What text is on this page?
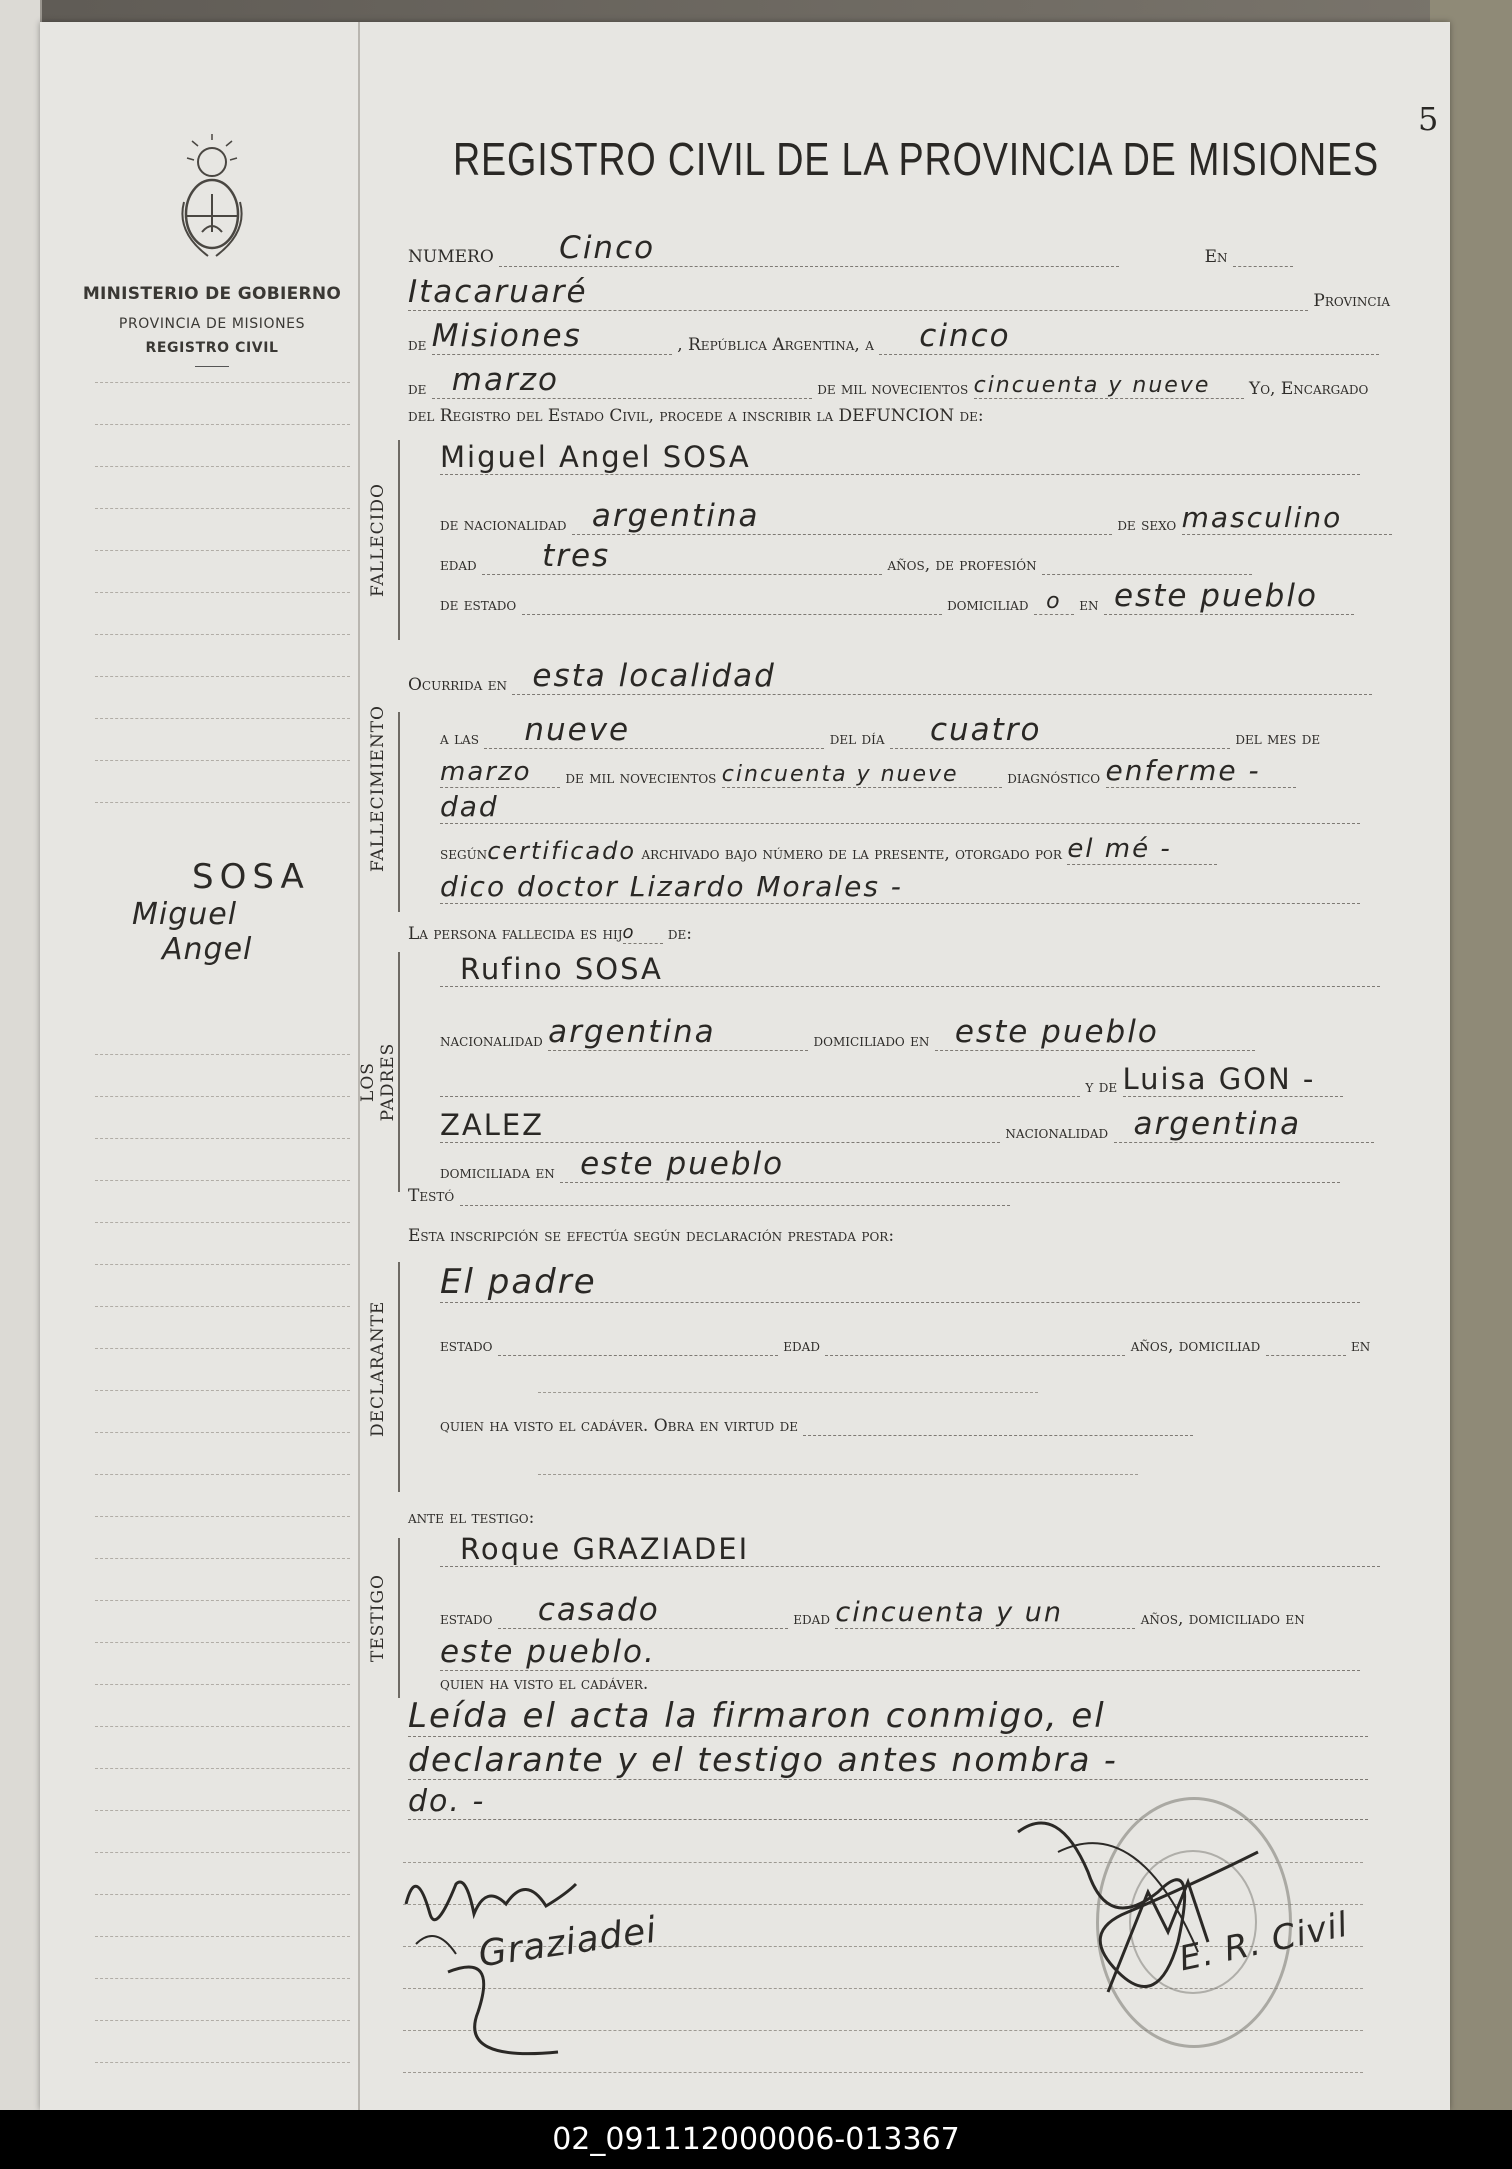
MINISTERIO DE GOBIERNO
PROVINCIA DE MISIONES
REGISTRO CIVIL
SOSA
Miguel
Angel
REGISTRO CIVIL DE LA PROVINCIA DE MISIONES
NUMERO Cinco	En
Itacaruaré	Provincia
de Misiones	, República Argentina, a cinco
de marzo	de mil novecientos cincuenta y nueve Yo, Encargado
del Registro del Estado Civil, procede a inscribir la DEFUNCION de:
FALLECIDO
Miguel Angel SOSA
de nacionalidad argentina	de sexo masculino
edad tres	años, de profesión
de estado	domiciliad o en este pueblo
Ocurrida en esta localidad
FALLECIMIENTO	a las nueve	del día cuatro	del mes de
marzo de mil novecientos cincuenta y nueve	diagnóstico enferme -
dad
segúncertificado archivado bajo número de la presente, otorgado por el mé -
dico doctor Lizardo Morales -
La persona fallecida es hijo de:
LOS PADRES
Rufino SOSA
nacionalidad argentina	domiciliado en este pueblo
y de Luisa GON -
ZALEZ	nacionalidad argentina
domiciliada en este pueblo
Testó
Esta inscripción se efectúa según declaración prestada por:
DECLARANTE
El padre
estado	edad	años, domiciliad	en
quien ha visto el cadáver. Obra en virtud de
ante el testigo:
TESTIGO
Roque GRAZIADEI
estado casado	edad cincuenta y un	años, domiciliado en
este pueblo.
quien ha visto el cadáver.
Leída el acta la firmaron conmigo, el
declarante y el testigo antes nombra -
do. -
Graziadei	E. R. Civil
5
02_091112000006-013367
